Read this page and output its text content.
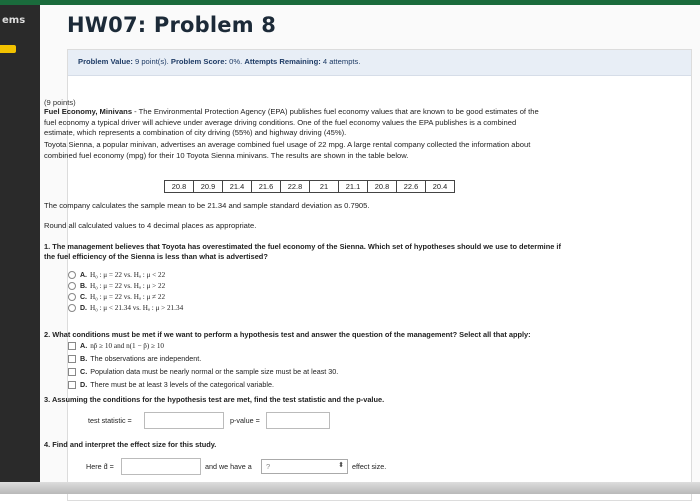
ems HW07: Problem 8
Problem Value: 9 point(s). Problem Score: 0%. Attempts Remaining: 4 attempts.
(9 points)
Fuel Economy, Minivans - The Environmental Protection Agency (EPA) publishes fuel economy values that are known to be good estimates of the
fuel economy a typical driver will achieve under average driving conditions. One of the fuel economy values the EPA publishes is a combined
estimate, which represents a combination of city driving (55%) and highway driving (45%).
Toyota Sienna, a popular minivan, advertises an average combined fuel usage of 22 mpg. A large rental company collected the information about
combined fuel economy (mpg) for their 10 Toyota Sienna minivans. The results are shown in the table below.
20.8	20.9	21.4	21.6	22.8	21	21.1	20.8	22.6	20.4
The company calculates the sample mean to be 21.34 and sample standard deviation as 0.7905.
Round all calculated values to 4 decimal places as appropriate.
1. The management believes that Toyota has overestimated the fuel economy of the Sienna. Which set of hypotheses should we use to determine if
the fuel efficiency of the Sienna is less than what is advertised?
A. H₀ : μ = 22 vs. Hₐ : μ < 22
B. H₀ : μ = 22 vs. Hₐ : μ > 22
C. H₀ : μ = 22 vs. Hₐ : μ ≠ 22
D. H₀ : μ < 21.34 vs. Hₐ : μ > 21.34
2. What conditions must be met if we want to perform a hypothesis test and answer the question of the management? Select all that apply:
A. np̂ ≥ 10 and n(1 − p̂) ≥ 10
B. The observations are independent.
C. Population data must be nearly normal or the sample size must be at least 30.
D. There must be at least 3 levels of the categorical variable.
3. Assuming the conditions for the hypothesis test are met, find the test statistic and the p-value.
test statistic =	p-value =
4. Find and interpret the effect size for this study.
Here d̂ =	and we have a ?	⬍ effect size.
